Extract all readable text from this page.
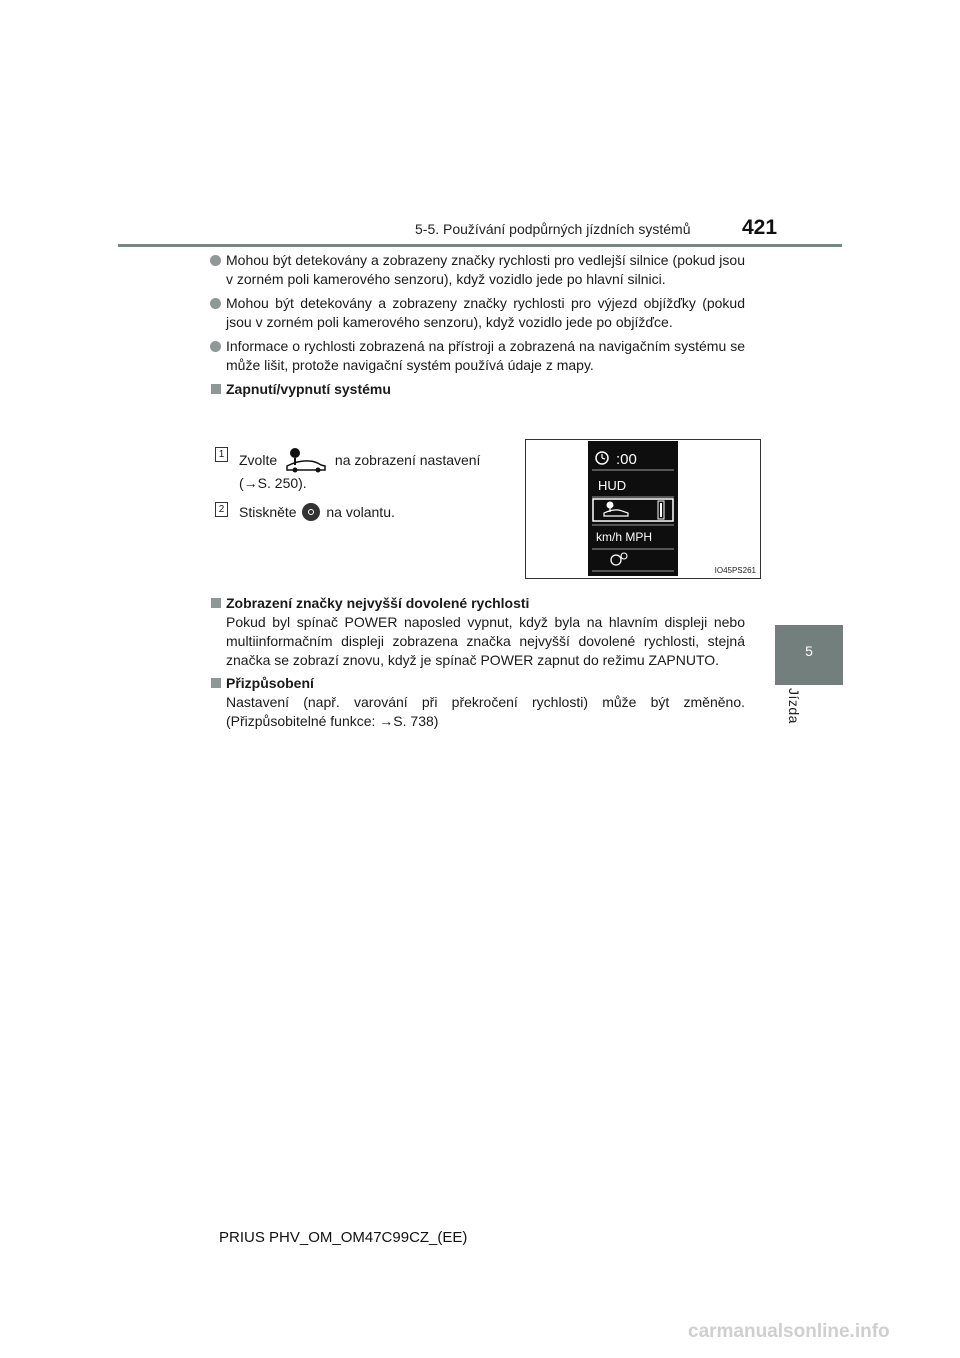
5-5. Používání podpůrných jízdních systémů 421
5
Jízda
Mohou být detekovány a zobrazeny značky rychlosti pro vedlejší silnice (pokud jsou v zorném poli kamerového senzoru), když vozidlo jede po hlavní silnici.
Mohou být detekovány a zobrazeny značky rychlosti pro výjezd objížďky (pokud jsou v zorném poli kamerového senzoru), když vozidlo jede po objížďce.
Informace o rychlosti zobrazená na přístroji a zobrazená na navigačním systému se může lišit, protože navigační systém používá údaje z mapy.
Zapnutí/vypnutí systému
1 Zvolte	na zobrazení nastavení
(→S. 250).
2 Stiskněte na volantu.
:00
HUD
km/h MPH
IO45PS261
Zobrazení značky nejvyšší dovolené rychlosti
Pokud byl spínač POWER naposled vypnut, když byla na hlavním displeji nebo multiinformačním displeji zobrazena značka nejvyšší dovolené rychlosti, stejná značka se zobrazí znovu, když je spínač POWER zapnut do režimu ZAPNUTO.
Přizpůsobení
Nastavení (např. varování při překročení rychlosti) může být změněno. (Přizpůsobitelné funkce: →S. 738)
PRIUS PHV_OM_OM47C99CZ_(EE)
carmanualsonline.info
